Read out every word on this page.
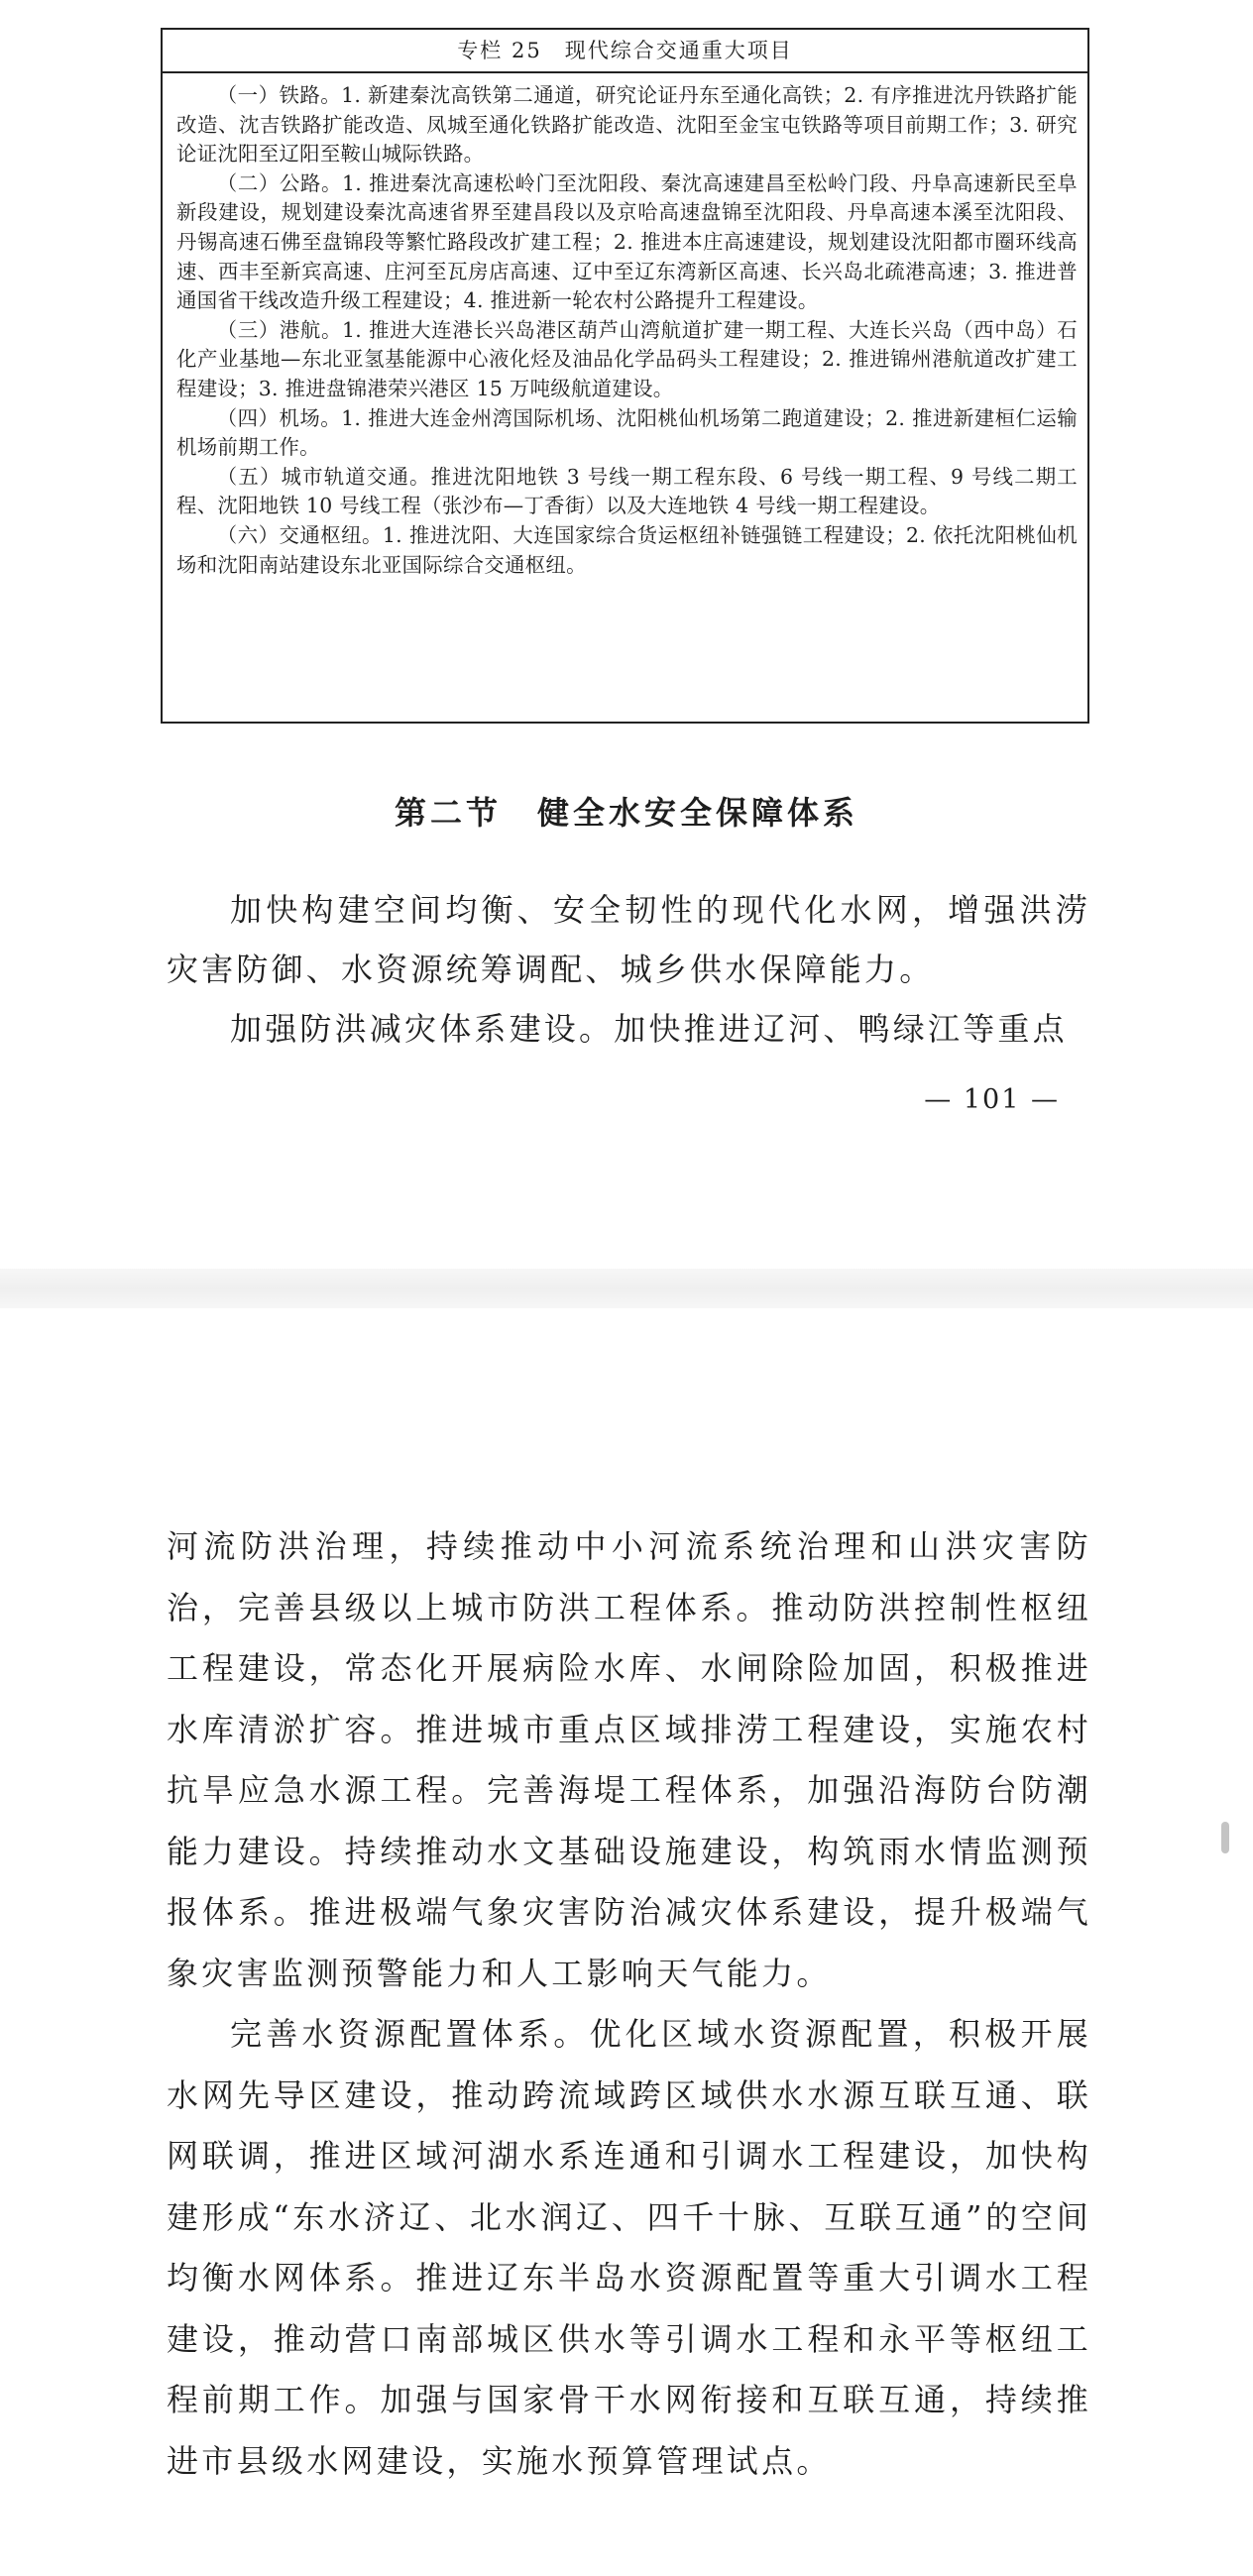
专栏 25　现代综合交通重大项目

（一）铁路。1. 新建秦沈高铁第二通道，研究论证丹东至通化高铁；2. 有序推进沈丹铁路扩能改造、沈吉铁路扩能改造、凤城至通化铁路扩能改造、沈阳至金宝屯铁路等项目前期工作；3. 研究论证沈阳至辽阳至鞍山城际铁路。

（二）公路。1. 推进秦沈高速松岭门至沈阳段、秦沈高速建昌至松岭门段、丹阜高速新民至阜新段建设，规划建设秦沈高速省界至建昌段以及京哈高速盘锦至沈阳段、丹阜高速本溪至沈阳段、丹锡高速石佛至盘锦段等繁忙路段改扩建工程；2. 推进本庄高速建设，规划建设沈阳都市圈环线高速、西丰至新宾高速、庄河至瓦房店高速、辽中至辽东湾新区高速、长兴岛北疏港高速；3. 推进普通国省干线改造升级工程建设；4. 推进新一轮农村公路提升工程建设。

（三）港航。1. 推进大连港长兴岛港区葫芦山湾航道扩建一期工程、大连长兴岛（西中岛）石化产业基地—东北亚氢基能源中心液化烃及油品化学品码头工程建设；2. 推进锦州港航道改扩建工程建设；3. 推进盘锦港荣兴港区 15 万吨级航道建设。

（四）机场。1. 推进大连金州湾国际机场、沈阳桃仙机场第二跑道建设；2. 推进新建桓仁运输机场前期工作。

（五）城市轨道交通。推进沈阳地铁 3 号线一期工程东段、6 号线一期工程、9 号线二期工程、沈阳地铁 10 号线工程（张沙布—丁香街）以及大连地铁 4 号线一期工程建设。

（六）交通枢纽。1. 推进沈阳、大连国家综合货运枢纽补链强链工程建设；2. 依托沈阳桃仙机场和沈阳南站建设东北亚国际综合交通枢纽。

第二节　健全水安全保障体系

加快构建空间均衡、安全韧性的现代化水网，增强洪涝灾害防御、水资源统筹调配、城乡供水保障能力。

加强防洪减灾体系建设。加快推进辽河、鸭绿江等重点

— 101 —

河流防洪治理，持续推动中小河流系统治理和山洪灾害防治，完善县级以上城市防洪工程体系。推动防洪控制性枢纽工程建设，常态化开展病险水库、水闸除险加固，积极推进水库清淤扩容。推进城市重点区域排涝工程建设，实施农村抗旱应急水源工程。完善海堤工程体系，加强沿海防台防潮能力建设。持续推动水文基础设施建设，构筑雨水情监测预报体系。推进极端气象灾害防治减灾体系建设，提升极端气象灾害监测预警能力和人工影响天气能力。

完善水资源配置体系。优化区域水资源配置，积极开展水网先导区建设，推动跨流域跨区域供水水源互联互通、联网联调，推进区域河湖水系连通和引调水工程建设，加快构建形成“东水济辽、北水润辽、四千十脉、互联互通”的空间均衡水网体系。推进辽东半岛水资源配置等重大引调水工程建设，推动营口南部城区供水等引调水工程和永平等枢纽工程前期工作。加强与国家骨干水网衔接和互联互通，持续推进市县级水网建设，实施水预算管理试点。
